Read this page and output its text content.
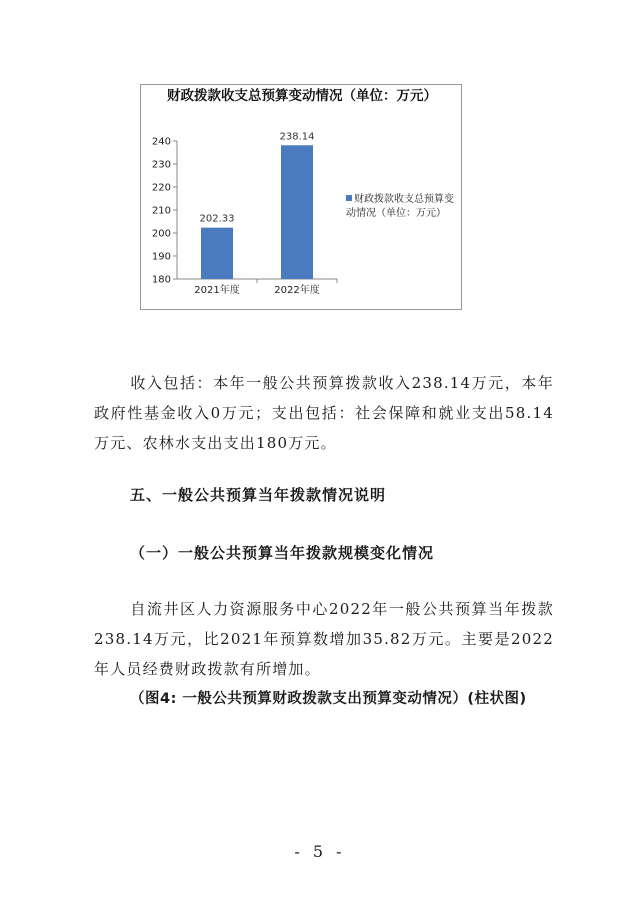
财政拨款收支总预算变动情况（单位：万元）
180
190
200
210
220
230
240
2021年度
202.33
2022年度
238.14
财政拨款收支总预算变动情况（单位：万元）
收入包括：本年一般公共预算拨款收入238.14万元，本年政府性基金收入0万元；支出包括：社会保障和就业支出58.14万元、农林水支出支出180万元。
五、一般公共预算当年拨款情况说明
（一）一般公共预算当年拨款规模变化情况
自流井区人力资源服务中心2022年一般公共预算当年拨款238.14万元，比2021年预算数增加35.82万元。主要是2022年人员经费财政拨款有所增加。
（图4: 一般公共预算财政拨款支出预算变动情况）(柱状图)
- 5 -
